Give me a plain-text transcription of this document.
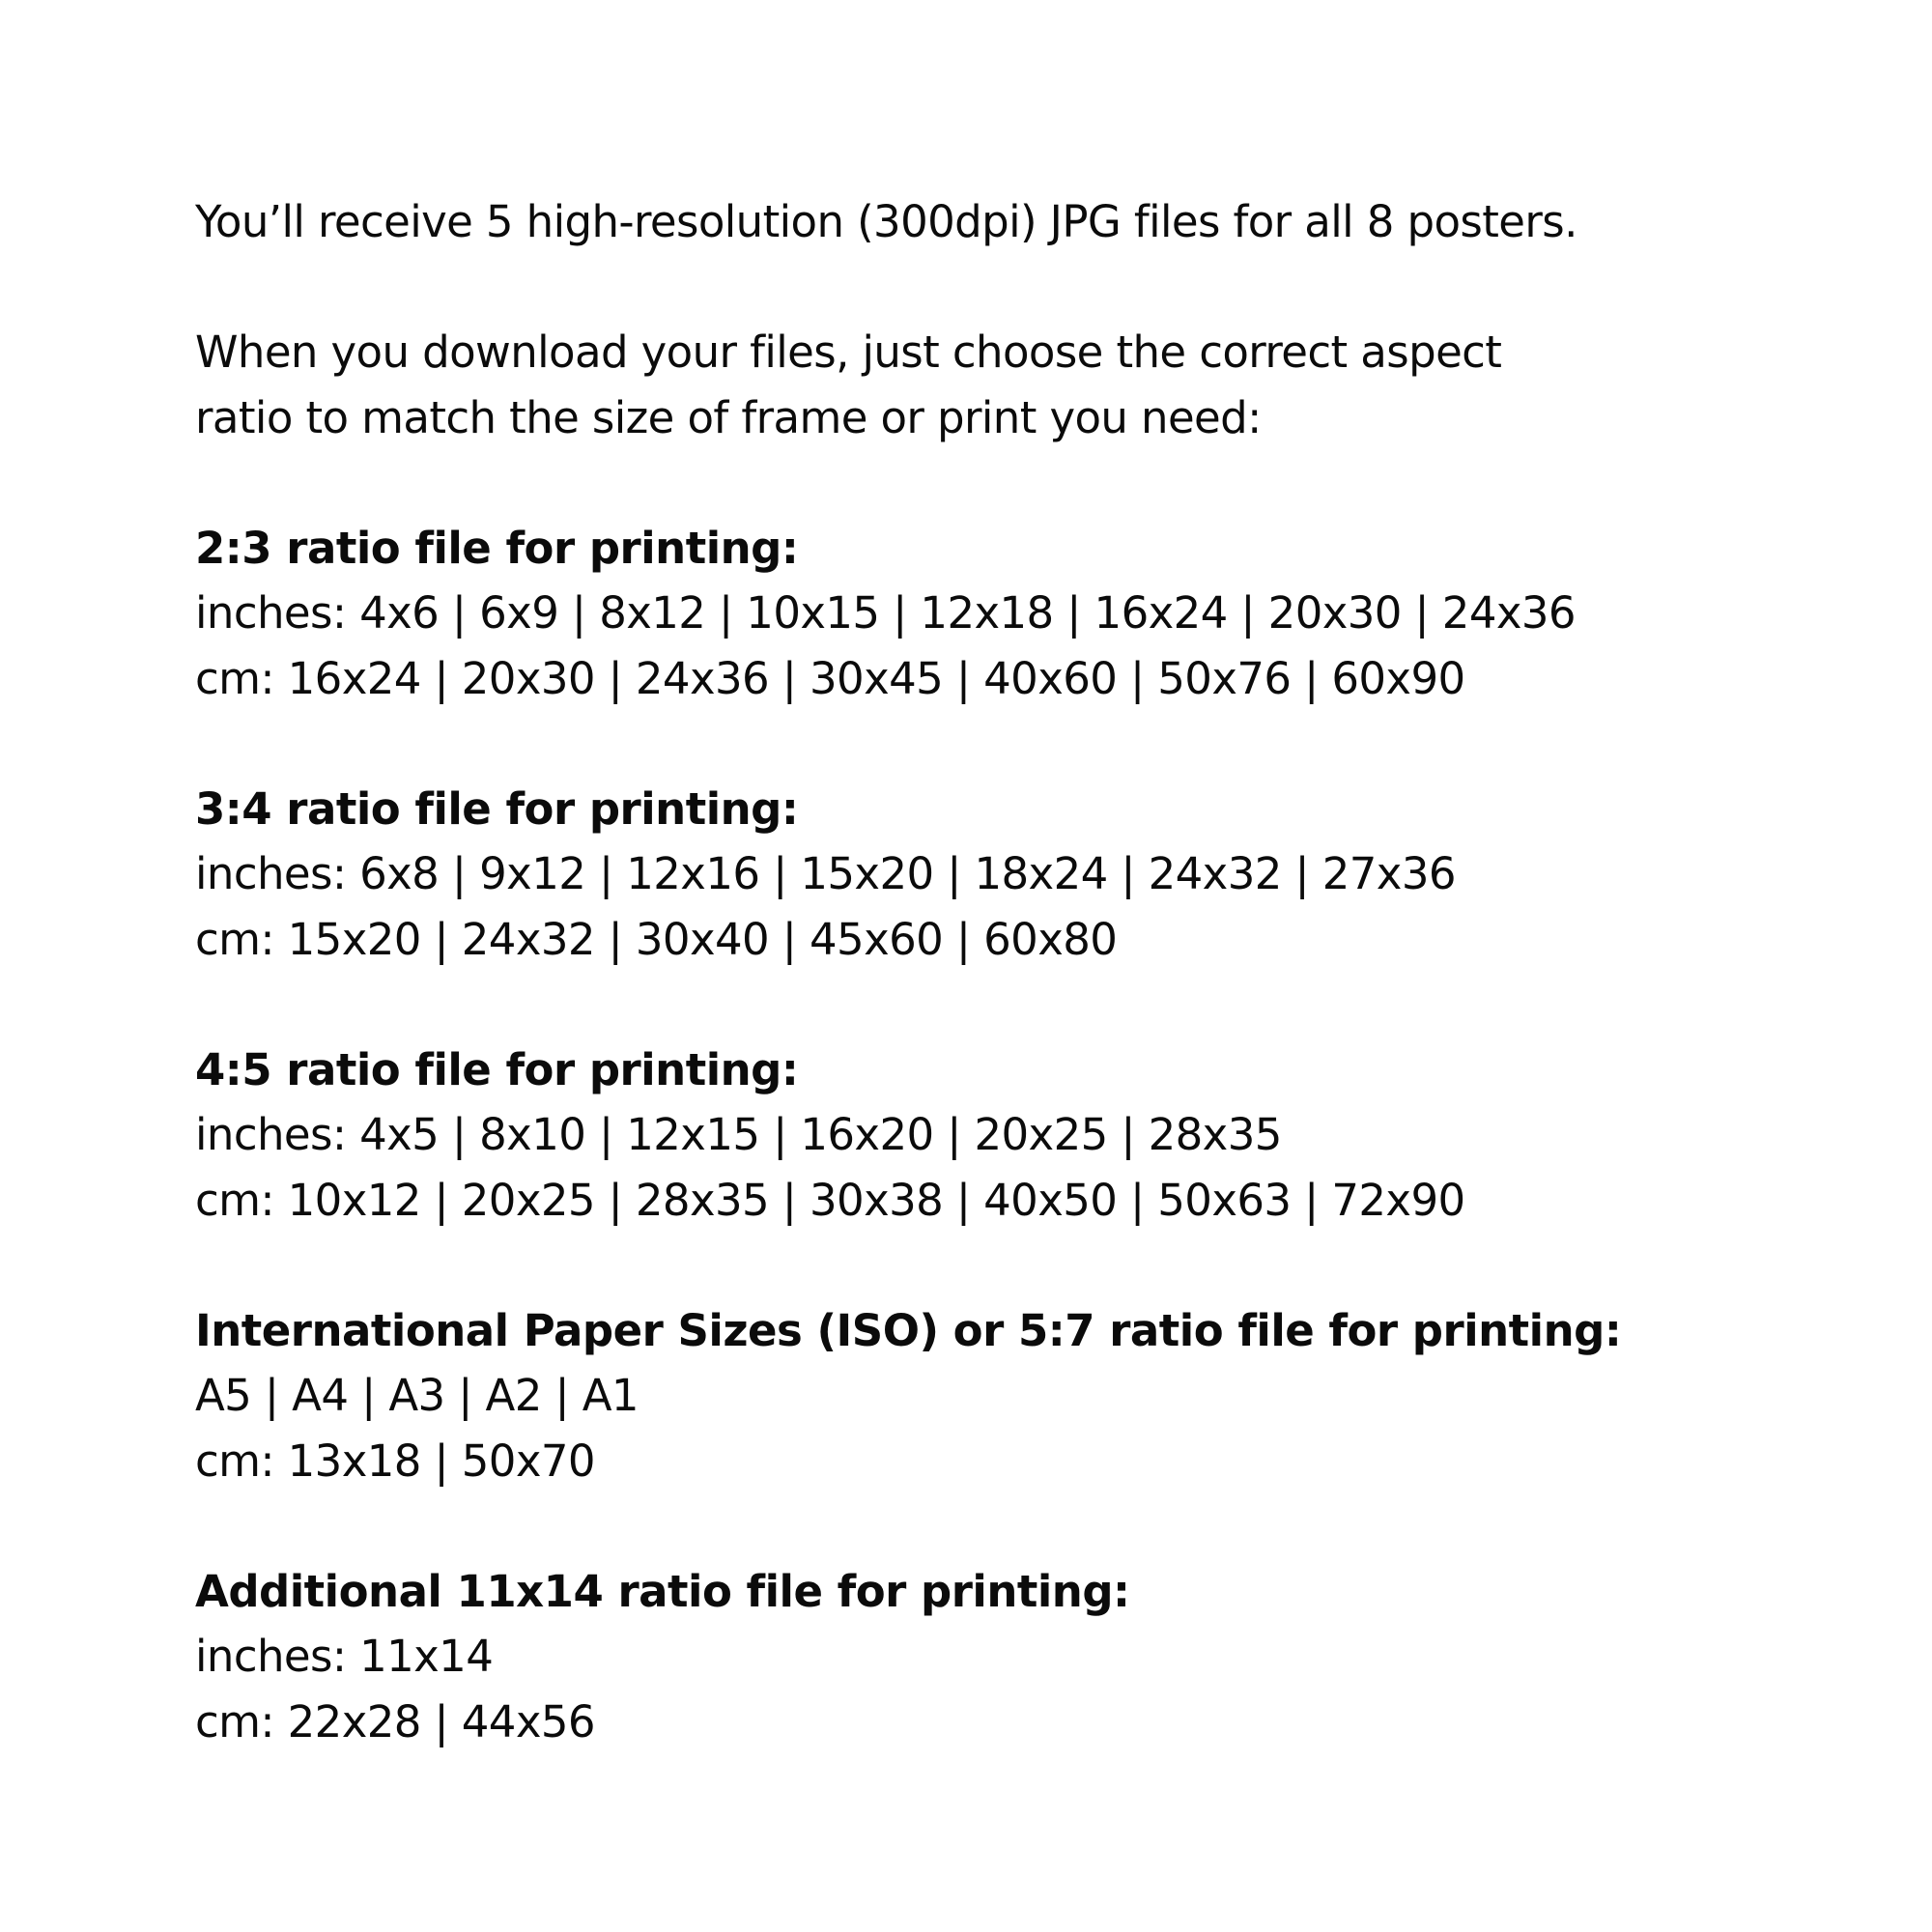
You’ll receive 5 high-resolution (300dpi) JPG files for all 8 posters.
When you download your files, just choose the correct aspect
ratio to match the size of frame or print you need:
2:3 ratio file for printing:
inches: 4x6 | 6x9 | 8x12 | 10x15 | 12x18 | 16x24 | 20x30 | 24x36
cm: 16x24 | 20x30 | 24x36 | 30x45 | 40x60 | 50x76 | 60x90
3:4 ratio file for printing:
inches: 6x8 | 9x12 | 12x16 | 15x20 | 18x24 | 24x32 | 27x36
cm: 15x20 | 24x32 | 30x40 | 45x60 | 60x80
4:5 ratio file for printing:
inches: 4x5 | 8x10 | 12x15 | 16x20 | 20x25 | 28x35
cm: 10x12 | 20x25 | 28x35 | 30x38 | 40x50 | 50x63 | 72x90
International Paper Sizes (ISO) or 5:7 ratio file for printing:
A5 | A4 | A3 | A2 | A1
cm: 13x18 | 50x70
Additional 11x14 ratio file for printing:
inches: 11x14
cm: 22x28 | 44x56
